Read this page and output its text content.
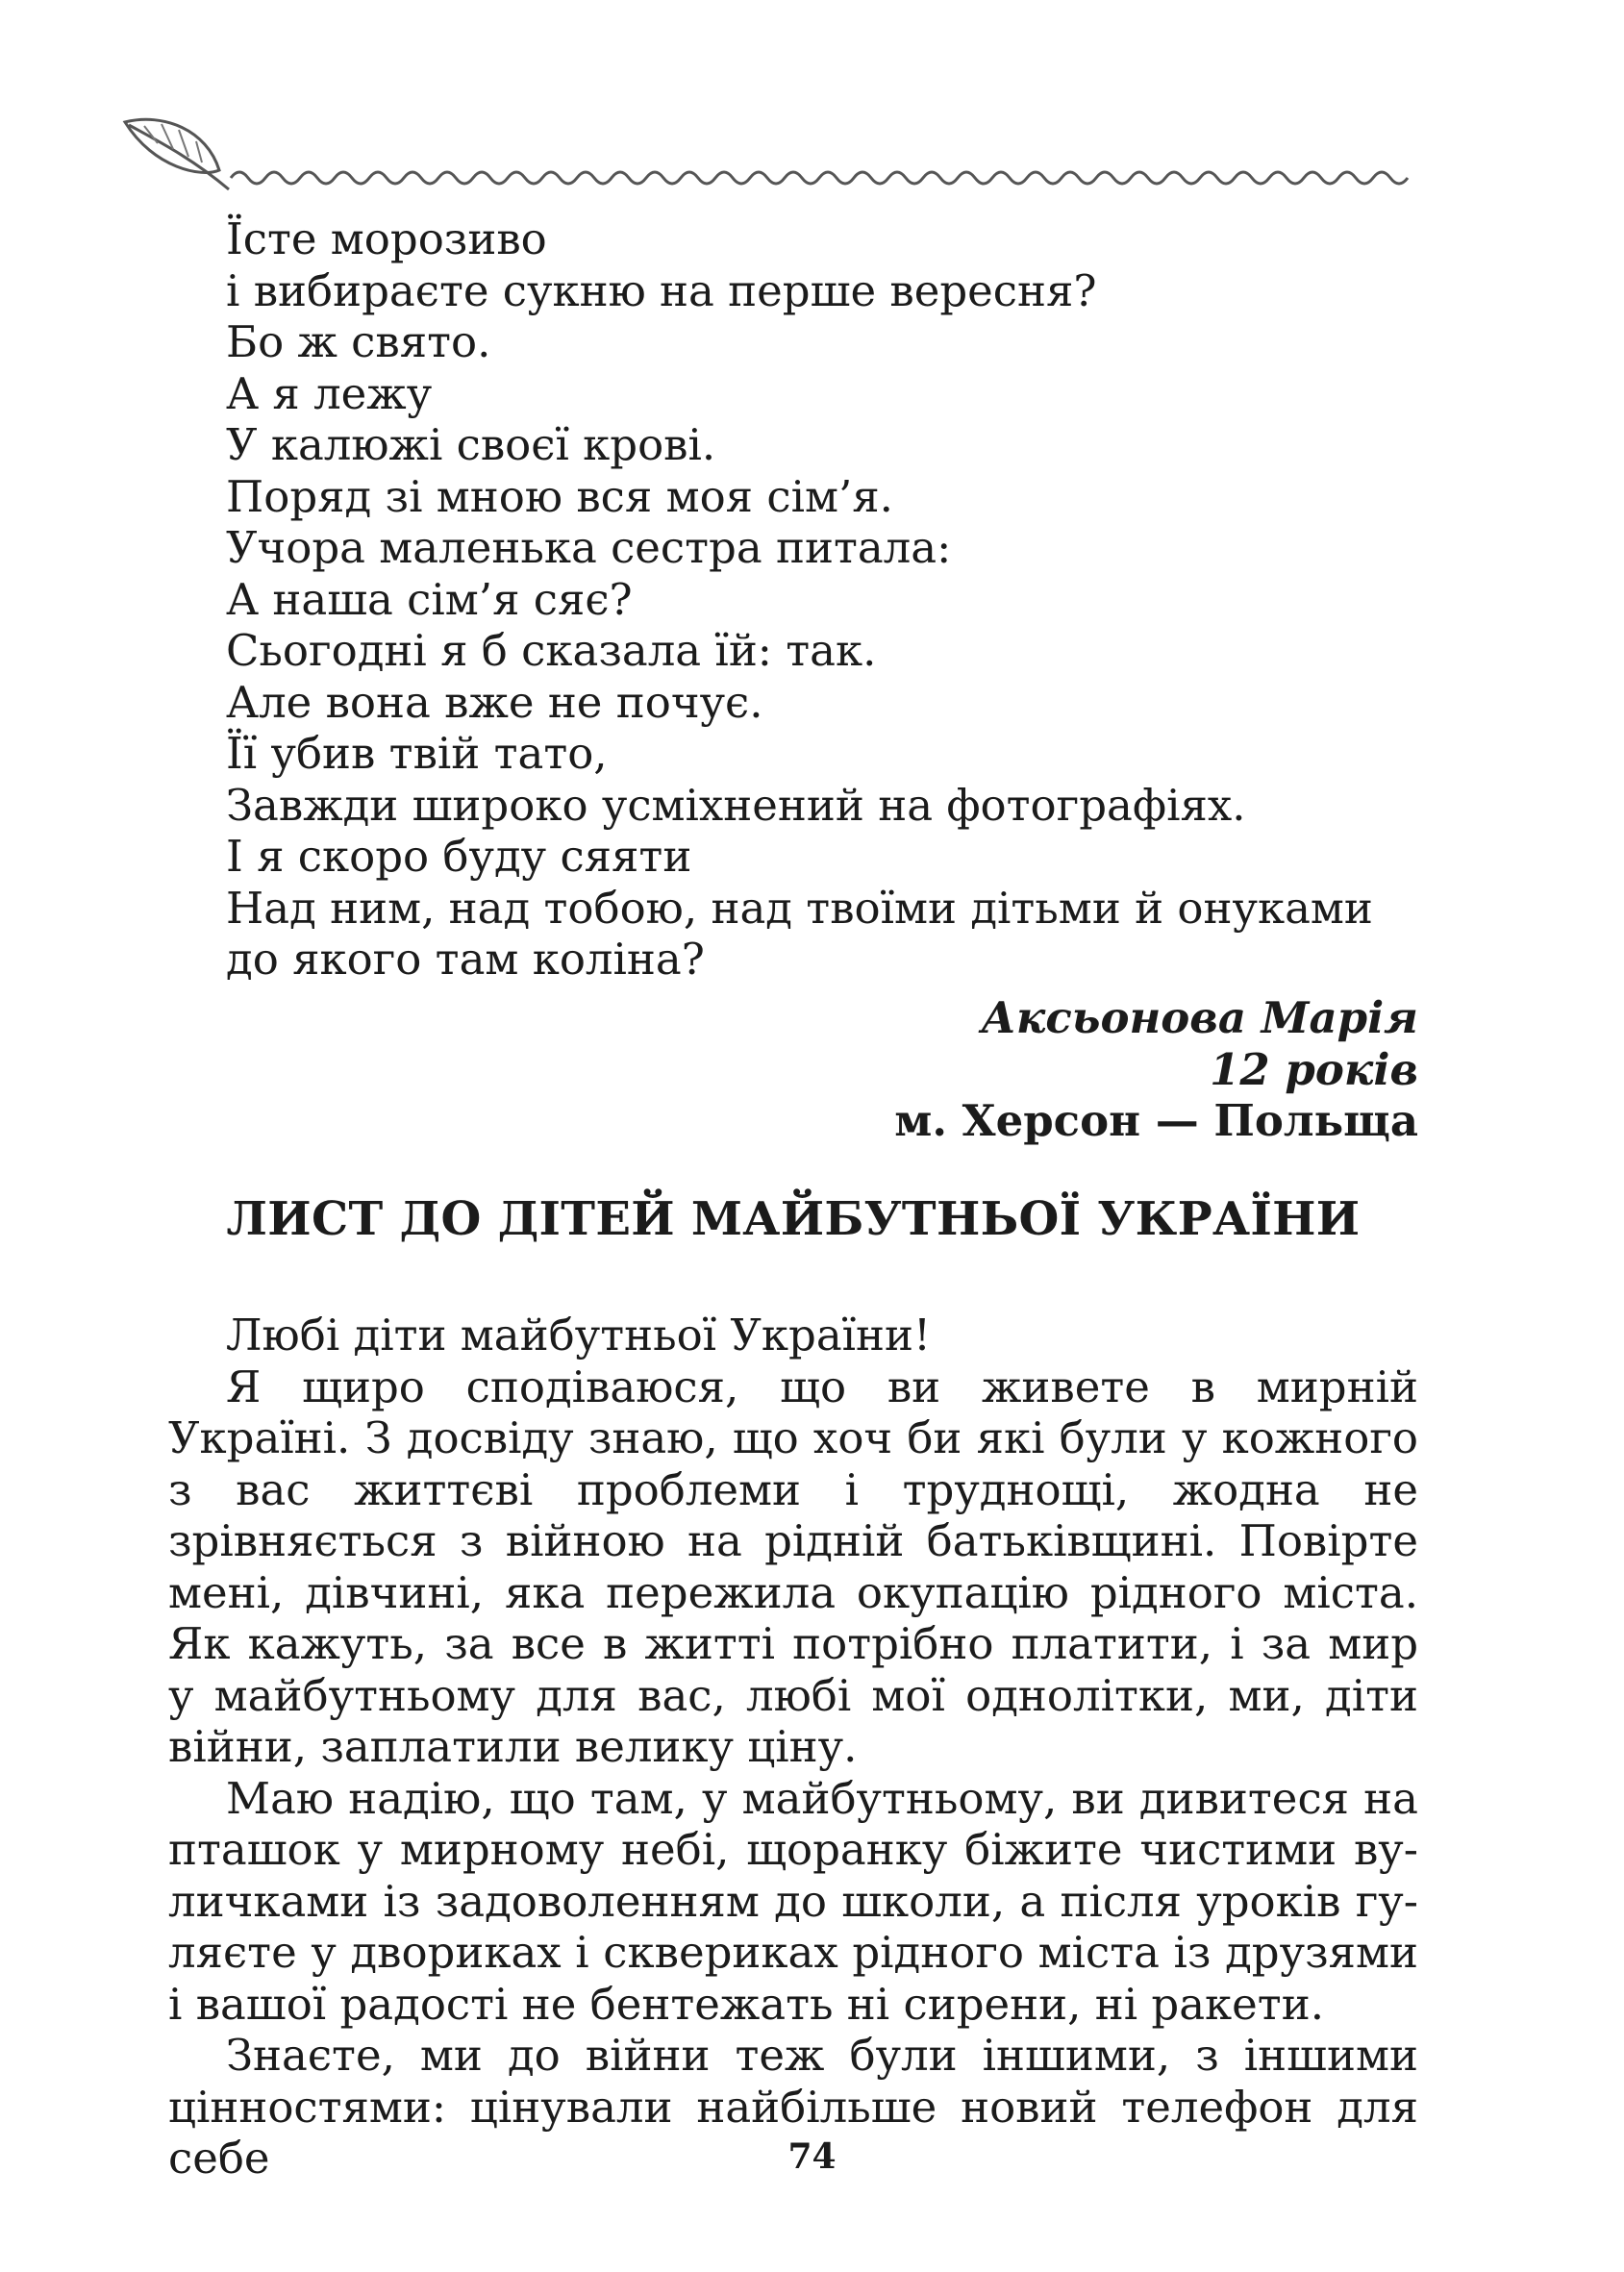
Їсте морозиво
і вибираєте сукню на перше вересня?
Бо ж свято.
А я лежу
У калюжі своєї крові.
Поряд зі мною вся моя сім’я.
Учора маленька сестра питала:
А наша сім’я сяє?
Сьогодні я б сказала їй: так.
Але вона вже не почує.
Її убив твій тато,
Завжди широко усміхнений на фотографіях.
І я скоро буду сяяти
Над ним, над тобою, над твоїми дітьми й онуками
до якого там коліна?
Аксьонова Марія
12 років
м. Херсон — Польща
ЛИСТ ДО ДІТЕЙ МАЙБУТНЬОЇ УКРАЇНИ
Любі діти майбутньої України!
Я щиро сподіваюся, що ви живете в мирній Україні. З досвіду знаю, що хоч би які були у кожного з вас життєві проблеми і труднощі, жодна не зрівняється з війною на рідній батьківщині. Повірте мені, дівчині, яка пережила окупацію рідного міста. Як кажуть, за все в житті потрібно платити, і за мир у майбутньому для вас, любі мої однолітки, ми, діти війни, заплатили велику ціну.
Маю надію, що там, у майбутньому, ви дивитеся на пташок у мирному небі, щоранку біжите чистими вуличками із задоволенням до школи, а після уроків гуляєте у двориках і сквериках рідного міста із друзями і вашої радості не бентежать ні сирени, ні ракети.
Знаєте, ми до війни теж були іншими, з іншими цінностями: цінували найбільше новий телефон для себе	74
